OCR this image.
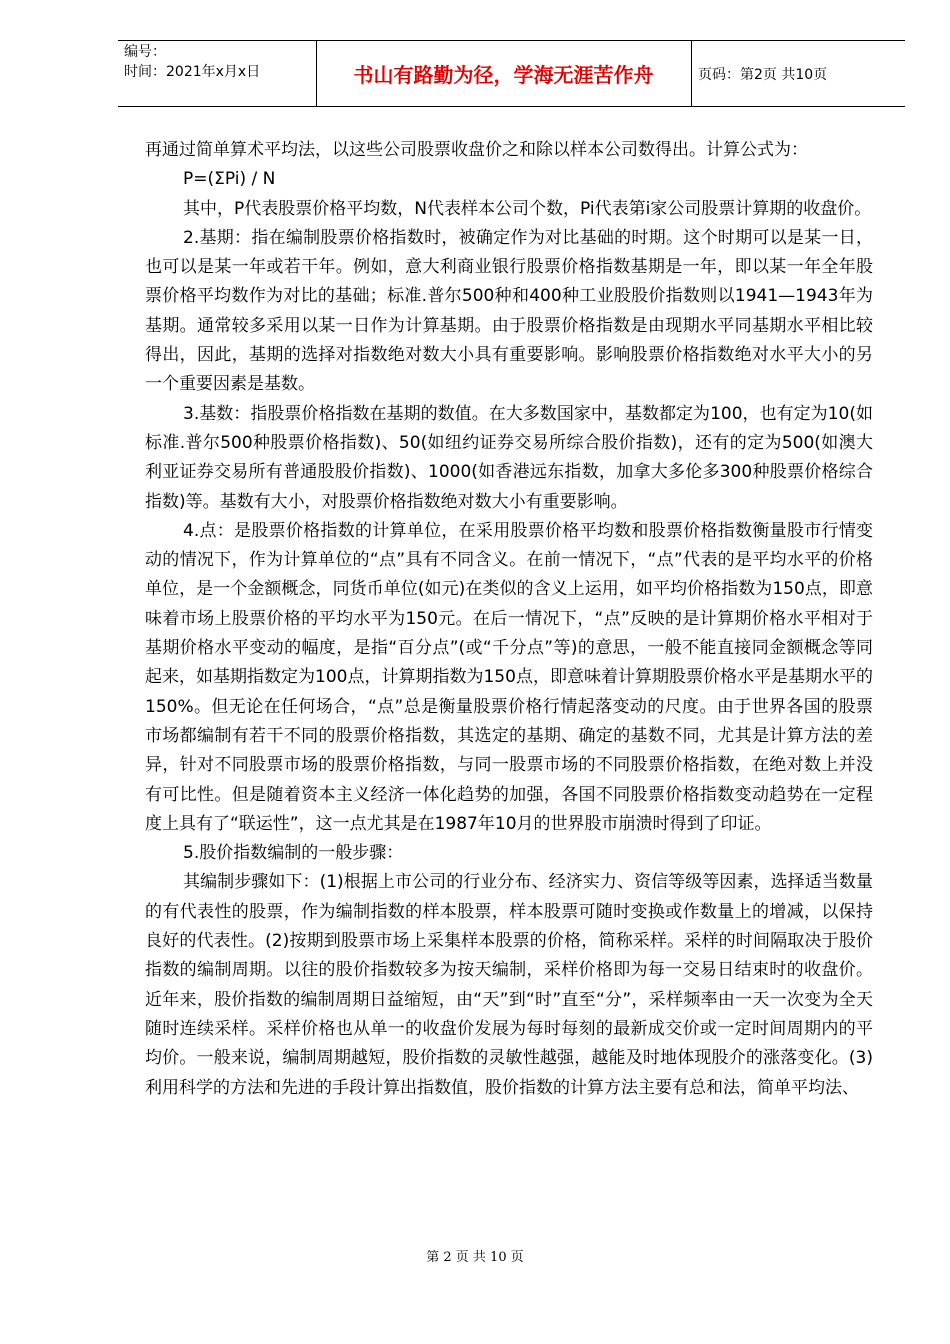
编号：
时间：2021年x月x日	书山有路勤为径，学海无涯苦作舟	页码：第2页 共10页

再通过简单算术平均法，以这些公司股票收盘价之和除以样本公司数得出。计算公式为：

P=(ΣPi) / N

其中，P代表股票价格平均数，N代表样本公司个数，Pi代表第i家公司股票计算期的收盘价。

2.基期：指在编制股票价格指数时，被确定作为对比基础的时期。这个时期可以是某一日，也可以是某一年或若干年。例如，意大利商业银行股票价格指数基期是一年，即以某一年全年股票价格平均数作为对比的基础；标准.普尔500种和400种工业股股价指数则以1941—1943年为基期。通常较多采用以某一日作为计算基期。由于股票价格指数是由现期水平同基期水平相比较得出，因此，基期的选择对指数绝对数大小具有重要影响。影响股票价格指数绝对水平大小的另一个重要因素是基数。

3.基数：指股票价格指数在基期的数值。在大多数国家中，基数都定为100，也有定为10(如标准.普尔500种股票价格指数)、50(如纽约证券交易所综合股价指数)，还有的定为500(如澳大利亚证券交易所有普通股股价指数)、1000(如香港远东指数，加拿大多伦多300种股票价格综合指数)等。基数有大小，对股票价格指数绝对数大小有重要影响。

4.点：是股票价格指数的计算单位，在采用股票价格平均数和股票价格指数衡量股市行情变动的情况下，作为计算单位的“点”具有不同含义。在前一情况下，“点”代表的是平均水平的价格单位，是一个金额概念，同货币单位(如元)在类似的含义上运用，如平均价格指数为150点，即意味着市场上股票价格的平均水平为150元。在后一情况下，“点”反映的是计算期价格水平相对于基期价格水平变动的幅度，是指“百分点”(或“千分点”等)的意思，一般不能直接同金额概念等同起来，如基期指数定为100点，计算期指数为150点，即意味着计算期股票价格水平是基期水平的150%。但无论在任何场合，“点”总是衡量股票价格行情起落变动的尺度。由于世界各国的股票市场都编制有若干不同的股票价格指数，其选定的基期、确定的基数不同，尤其是计算方法的差异，针对不同股票市场的股票价格指数，与同一股票市场的不同股票价格指数，在绝对数上并没有可比性。但是随着资本主义经济一体化趋势的加强，各国不同股票价格指数变动趋势在一定程度上具有了“联运性”，这一点尤其是在1987年10月的世界股市崩溃时得到了印证。

5.股价指数编制的一般步骤：

其编制步骤如下：(1)根据上市公司的行业分布、经济实力、资信等级等因素，选择适当数量的有代表性的股票，作为编制指数的样本股票，样本股票可随时变换或作数量上的增减，以保持良好的代表性。(2)按期到股票市场上采集样本股票的价格，简称采样。采样的时间隔取决于股价指数的编制周期。以往的股价指数较多为按天编制，采样价格即为每一交易日结束时的收盘价。近年来，股价指数的编制周期日益缩短，由“天”到“时”直至“分”，采样频率由一天一次变为全天随时连续采样。采样价格也从单一的收盘价发展为每时每刻的最新成交价或一定时间周期内的平均价。一般来说，编制周期越短，股价指数的灵敏性越强，越能及时地体现股介的涨落变化。(3)利用科学的方法和先进的手段计算出指数值，股价指数的计算方法主要有总和法，简单平均法、

第 2 页 共 10 页
